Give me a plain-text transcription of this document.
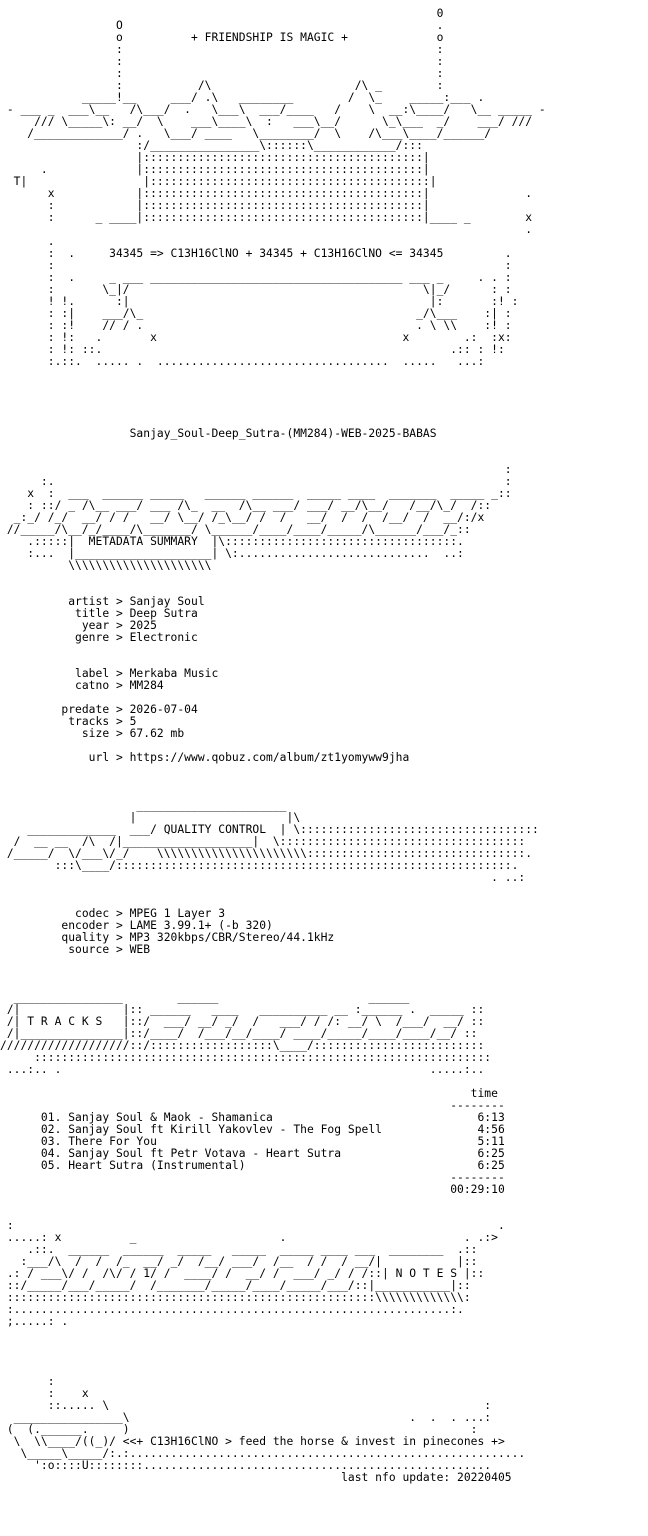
0
O                                              .
o          + FRIENDSHIP IS MAGIC +             o
:                                              :
:                                              :
:                                              :
:           /\                     /\ _        :
_____!__     ___/ .\   ________        /  \_    _____:___ .
- ___ _  ___\__   /\___/  .   \___\  ___/____   /    \  __:\____/   \__ _____ -
/// \_____\: __/  \    ___\____\  :   ___\__/      \_\___  _/    ___/ ///
/_____________/ .   \___/ ____   \________/  \    /\___\____/______/
:/________________\::::::\____________/:::
|:::::::::::::::::::::::::::::::::::::::::|
.             |:::::::::::::::::::::::::::::::::::::::::|
T|                 |:::::::::::::::::::::::::::::::::::::::::|
x            |:::::::::::::::::::::::::::::::::::::::::|              .
:            |:::::::::::::::::::::::::::::::::::::::::|
:      _ ____|:::::::::::::::::::::::::::::::::::::::::|____ _        x
.
.
:  .     34345 => C13H16ClNO + 34345 + C13H16ClNO <= 34345         .
:                                                                  :
:  .     _ ___ _____________________________________ ___ _     . . :
:       \_|/                                           \|_/      : :
! !.      :|                                            |:       :! :
: :|    ___/\_                                        _/\___    :| :
: :!    // / .                                        . \ \\    :! :
: !:   .       x                                    x        .:  :x:
: !: ::.                                                   .:: : !:
:.::.  ..... .  ..................................  .....   ...:
Sanjay_Soul-Deep_Sutra-(MM284)-WEB-2025-BABAS
:
:.                                                                  :
x  :  ___  ______ _____   ______ ______  _____ ____  _______  _____ _::
: ::/ _ /\__ ___/ ___ /\_  __  /\__ ___/ ___/ __/\__/   /__/\_/  /::
_:_/ /_/  __/ / /   __/ \__/ /_\__/ /  /   __/  /  /  /__/  /  __/:/x
//_____/\__/_/____/\_______/ \______/____/____/_____/\______/___/_::
.:::::|  METADATA SUMMARY  |\::::::::::::::::::::::::::::::::::.
:...  |____________________| \:............................  ..:
\\\\\\\\\\\\\\\\\\\\\
artist > Sanjay Soul
title > Deep Sutra
year > 2025
genre > Electronic
label > Merkaba Music
catno > MM284
predate > 2026-07-04
tracks > 5
size > 67.62 mb
url > https://www.qobuz.com/album/zt1yomyww9jha
______________________
|                      |\
_____________  ___/ QUALITY CONTROL  | \:::::::::::::::::::::::::::::::::::
/  __ __  /\  /|___________________|  \::::::::::::::::::::::::::::::::::::
/_____/  \/___\/_/    \\\\\\\\\\\\\\\\\\\\\\::::::::::::::::::::::::::::::::.
:::\____/::::::::::::::::::::::::::::::::::::::::::::::::::::::::::.
. ..:
codec > MPEG 1 Layer 3
encoder > LAME 3.99.1+ (-b 320)
quality > MP3 320kbps/CBR/Stereo/44.1kHz
source > WEB
________________        ______                      ______
/|               |:: ______   ____   __________ __ :______ .  _____ ::
/| T R A C K S   |::/  ___/ __/ _/  /   ___/ / /: __/ \  /___/  __/ ::
/|_______________|::/____/  /___/__/____/ ____/_____/____/____/__/ ::
///////////////////::/::::::::::::::::::\____/:::::::::::::::::::::::::
:::::::::::::::::::::::::::::::::::::::::::::::::::::::::::::::::::
...:.. .                                                      .....:..
time
--------
01. Sanjay Soul & Maok - Shamanica                              6:13
02. Sanjay Soul ft Kirill Yakovlev - The Fog Spell              4:56
03. There For You                                               5:11
04. Sanjay Soul ft Petr Votava - Heart Sutra                    6:25
05. Heart Sutra (Instrumental)                                  6:25
--------
00:29:10
:                                                                       .
.....: x          _                     .                          . .:>
.::.  ______  ______  _____   _____  _____ ____ ___  ________  .::
:___/\  /  /  /_  __/ _/  /__/ ___/  /__  / /  / __/|           |::
.: / ___\/ /  /\/ / 1/ /  ____/ /  __/ /  ___/ _/ / /::| N O T E S |::
::/_____/___/_____/  /_______/_____/____/_____/___/::|___________|::
::::::::::::::::::::::::::::::::::::::::::::::::::::::\\\\\\\\\\\\\:
:................................................................:.
;.....: .
:
:    x
::..... \                                                       :
________________\                                         .  .  . ...:
(  (.______.     )                                                  :
\  \\____/((_)/ <<+ C13H16ClNO > feed the horse & invest in pinecones +>
\_____\_____/:.:..........................................................
':o::::U::::::::...................................................
last nfo update: 20220405
